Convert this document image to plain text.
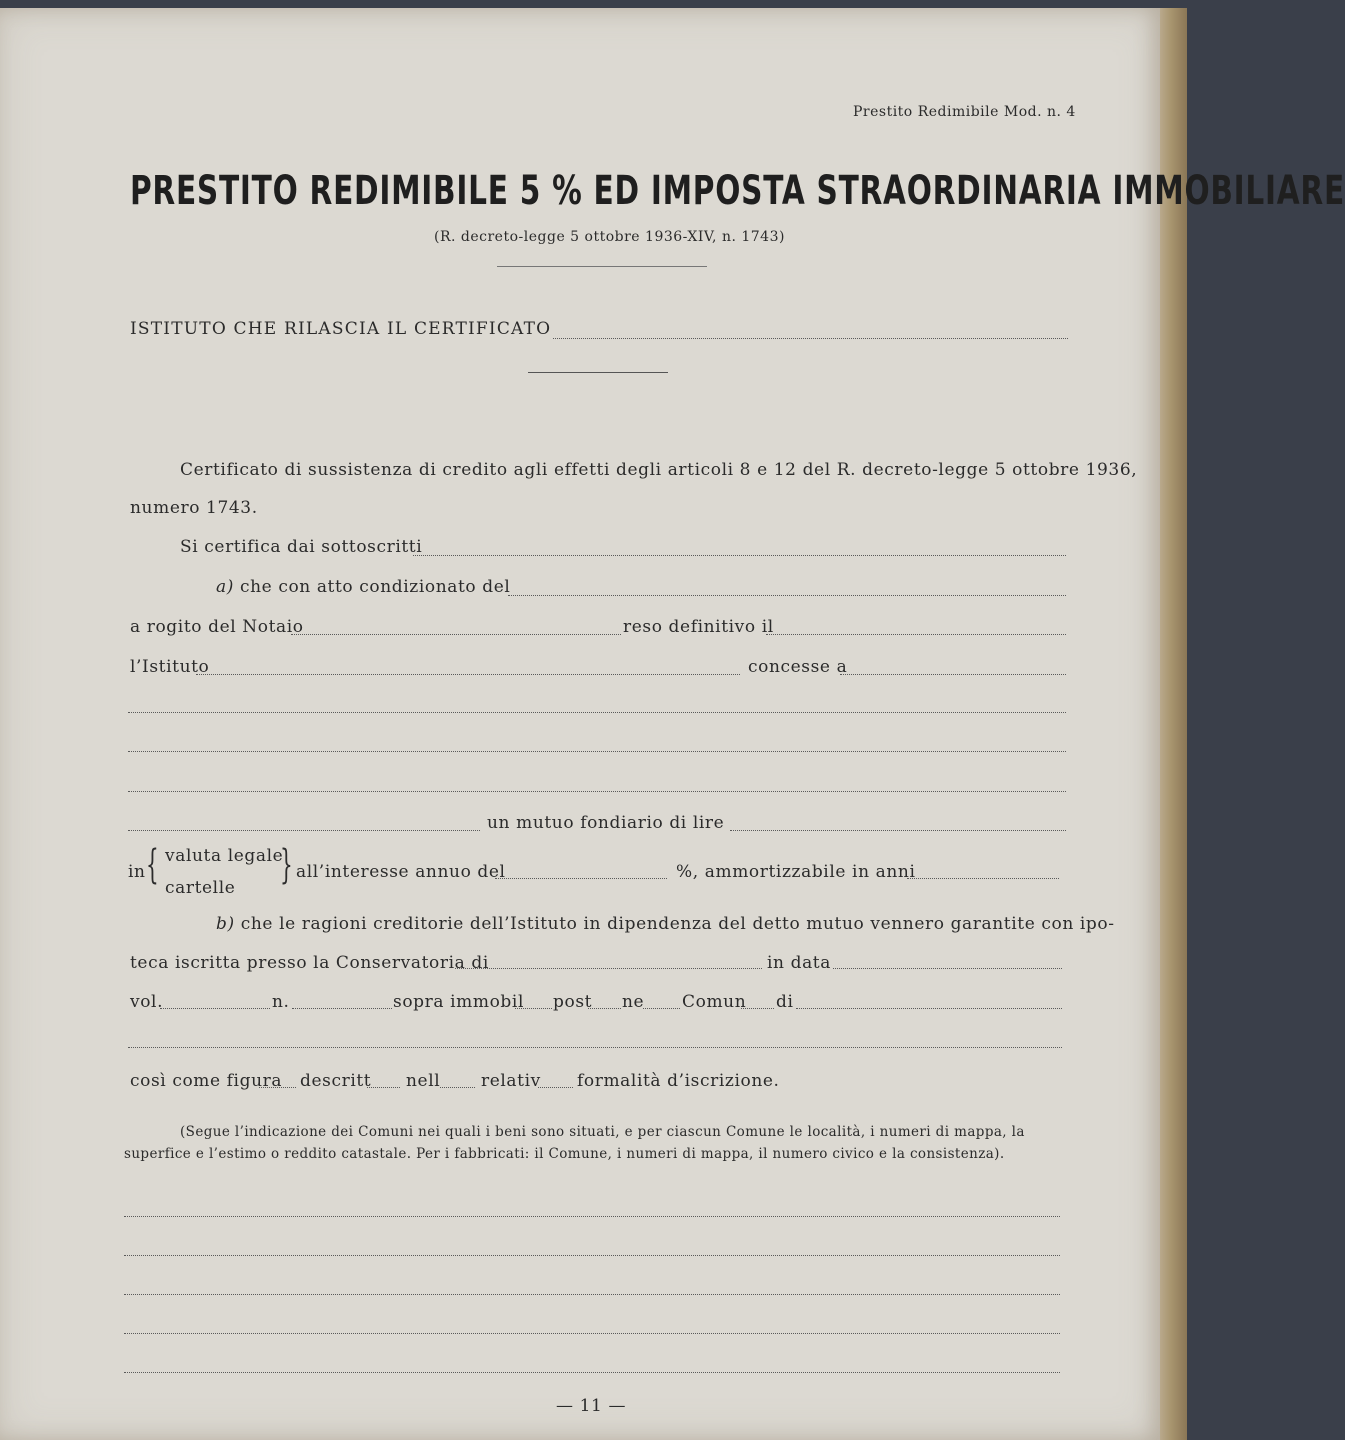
Prestito Redimibile Mod. n. 4
PRESTITO REDIMIBILE 5 % ED IMPOSTA STRAORDINARIA IMMOBILIARE
(R. decreto-legge 5 ottobre 1936-XIV, n. 1743)
ISTITUTO CHE RILASCIA IL CERTIFICATO
Certificato di sussistenza di credito agli effetti degli articoli 8 e 12 del R. decreto-legge 5 ottobre 1936,
numero 1743.
Si certifica dai sottoscritti
a) che con atto condizionato del
a rogito del Notaio	reso definitivo il
l’Istituto	concesse a
un mutuo fondiario di lire
in { valuta legale
cartelle } all’interesse annuo del	%, ammortizzabile in anni
b) che le ragioni creditorie dell’Istituto in dipendenza del detto mutuo vennero garantite con ipo-
teca iscritta presso la Conservatoria di	in data
vol.	n.	sopra immobil post ne Comun di
così come figura descritt nell relativ formalità d’iscrizione.
(Segue l’indicazione dei Comuni nei quali i beni sono situati, e per ciascun Comune le località, i numeri di mappa, la
superfice e l’estimo o reddito catastale. Per i fabbricati: il Comune, i numeri di mappa, il numero civico e la consistenza).
— 11 —
